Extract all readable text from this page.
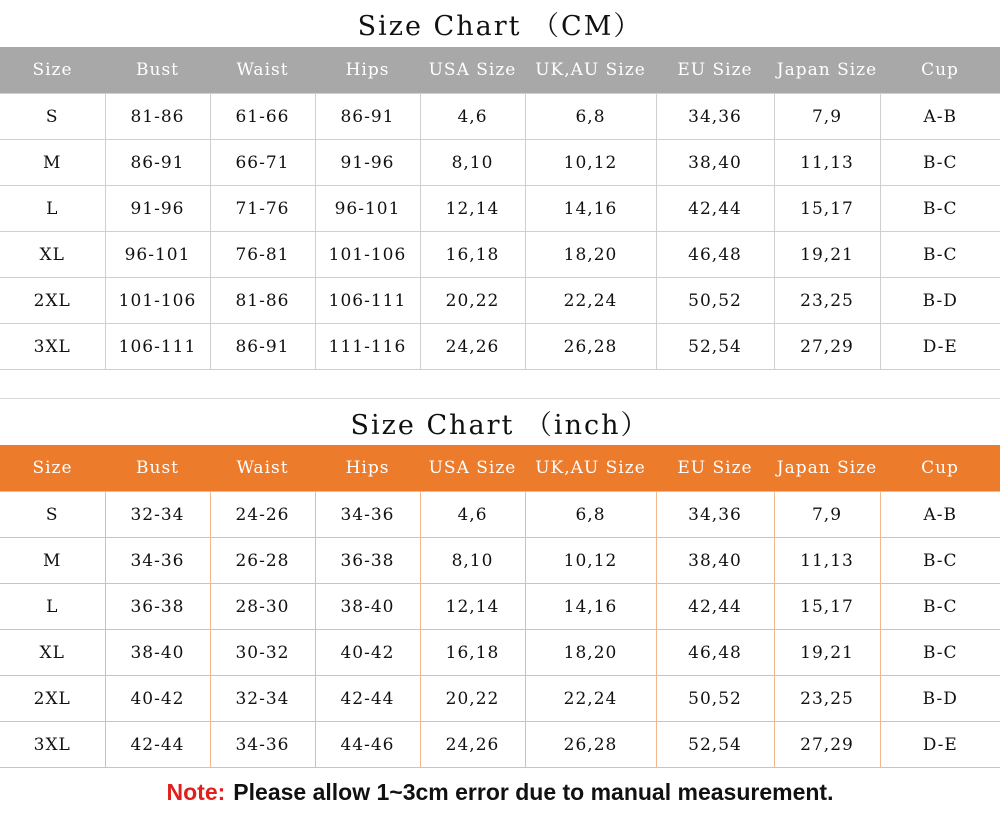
Size Chart （CM）
Size	Bust	Waist	Hips	USA Size	UK,AU Size	EU Size	Japan Size	Cup
S	81-86	61-66	86-91	4,6	6,8	34,36	7,9	A-B
M	86-91	66-71	91-96	8,10	10,12	38,40	11,13	B-C
L	91-96	71-76	96-101	12,14	14,16	42,44	15,17	B-C
XL	96-101	76-81	101-106	16,18	18,20	46,48	19,21	B-C
2XL	101-106	81-86	106-111	20,22	22,24	50,52	23,25	B-D
3XL	106-111	86-91	111-116	24,26	26,28	52,54	27,29	D-E
Size Chart （inch）
Size	Bust	Waist	Hips	USA Size	UK,AU Size	EU Size	Japan Size	Cup
S	32-34	24-26	34-36	4,6	6,8	34,36	7,9	A-B
M	34-36	26-28	36-38	8,10	10,12	38,40	11,13	B-C
L	36-38	28-30	38-40	12,14	14,16	42,44	15,17	B-C
XL	38-40	30-32	40-42	16,18	18,20	46,48	19,21	B-C
2XL	40-42	32-34	42-44	20,22	22,24	50,52	23,25	B-D
3XL	42-44	34-36	44-46	24,26	26,28	52,54	27,29	D-E
Note: Please allow 1~3cm error due to manual measurement.
